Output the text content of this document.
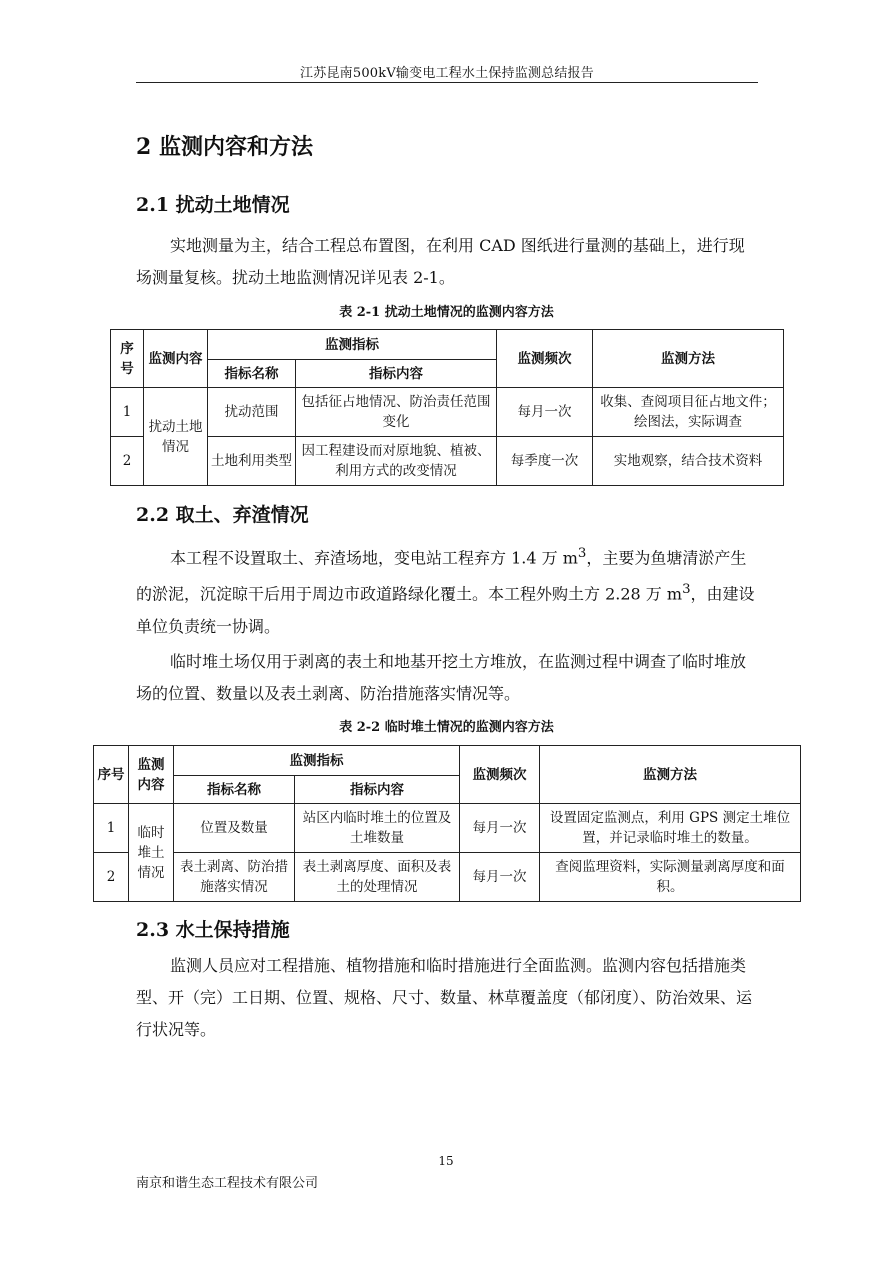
江苏昆南500kV输变电工程水土保持监测总结报告
2 监测内容和方法
2.1 扰动土地情况

实地测量为主，结合工程总布置图，在利用 CAD 图纸进行量测的基础上，进行现场测量复核。扰动土地监测情况详见表 2-1。

表 2-1 扰动土地情况的监测内容方法
序号	监测内容	监测指标		监测频次	监测方法
		指标名称	指标内容		
1	扰动土地情况	扰动范围	包括征占地情况、防治责任范围变化	每月一次	收集、查阅项目征占地文件；绘图法，实际调查
2		土地利用类型	因工程建设而对原地貌、植被、利用方式的改变情况	每季度一次	实地观察，结合技术资料
2.2 取土、弃渣情况

本工程不设置取土、弃渣场地，变电站工程弃方 1.4 万 $m^3$，主要为鱼塘清淤产生的淤泥，沉淀晾干后用于周边市政道路绿化覆土。本工程外购土方 2.28 万 $m^3$，由建设单位负责统一协调。

临时堆土场仅用于剥离的表土和地基开挖土方堆放，在监测过程中调查了临时堆放场的位置、数量以及表土剥离、防治措施落实情况等。

表 2-2 临时堆土情况的监测内容方法
序号	监测内容	监测指标		监测频次	监测方法
		指标名称	指标内容		
1	临时堆土情况	位置及数量	站区内临时堆土的位置及土堆数量	每月一次	设置固定监测点，利用 GPS 测定土堆位置，并记录临时堆土的数量。
2		表土剥离、防治措施落实情况	表土剥离厚度、面积及表土的处理情况	每月一次	查阅监理资料，实际测量剥离厚度和面积。
2.3 水土保持措施

监测人员应对工程措施、植物措施和临时措施进行全面监测。监测内容包括措施类型、开（完）工日期、位置、规格、尺寸、数量、林草覆盖度（郁闭度）、防治效果、运行状况等。

15
南京和谐生态工程技术有限公司
